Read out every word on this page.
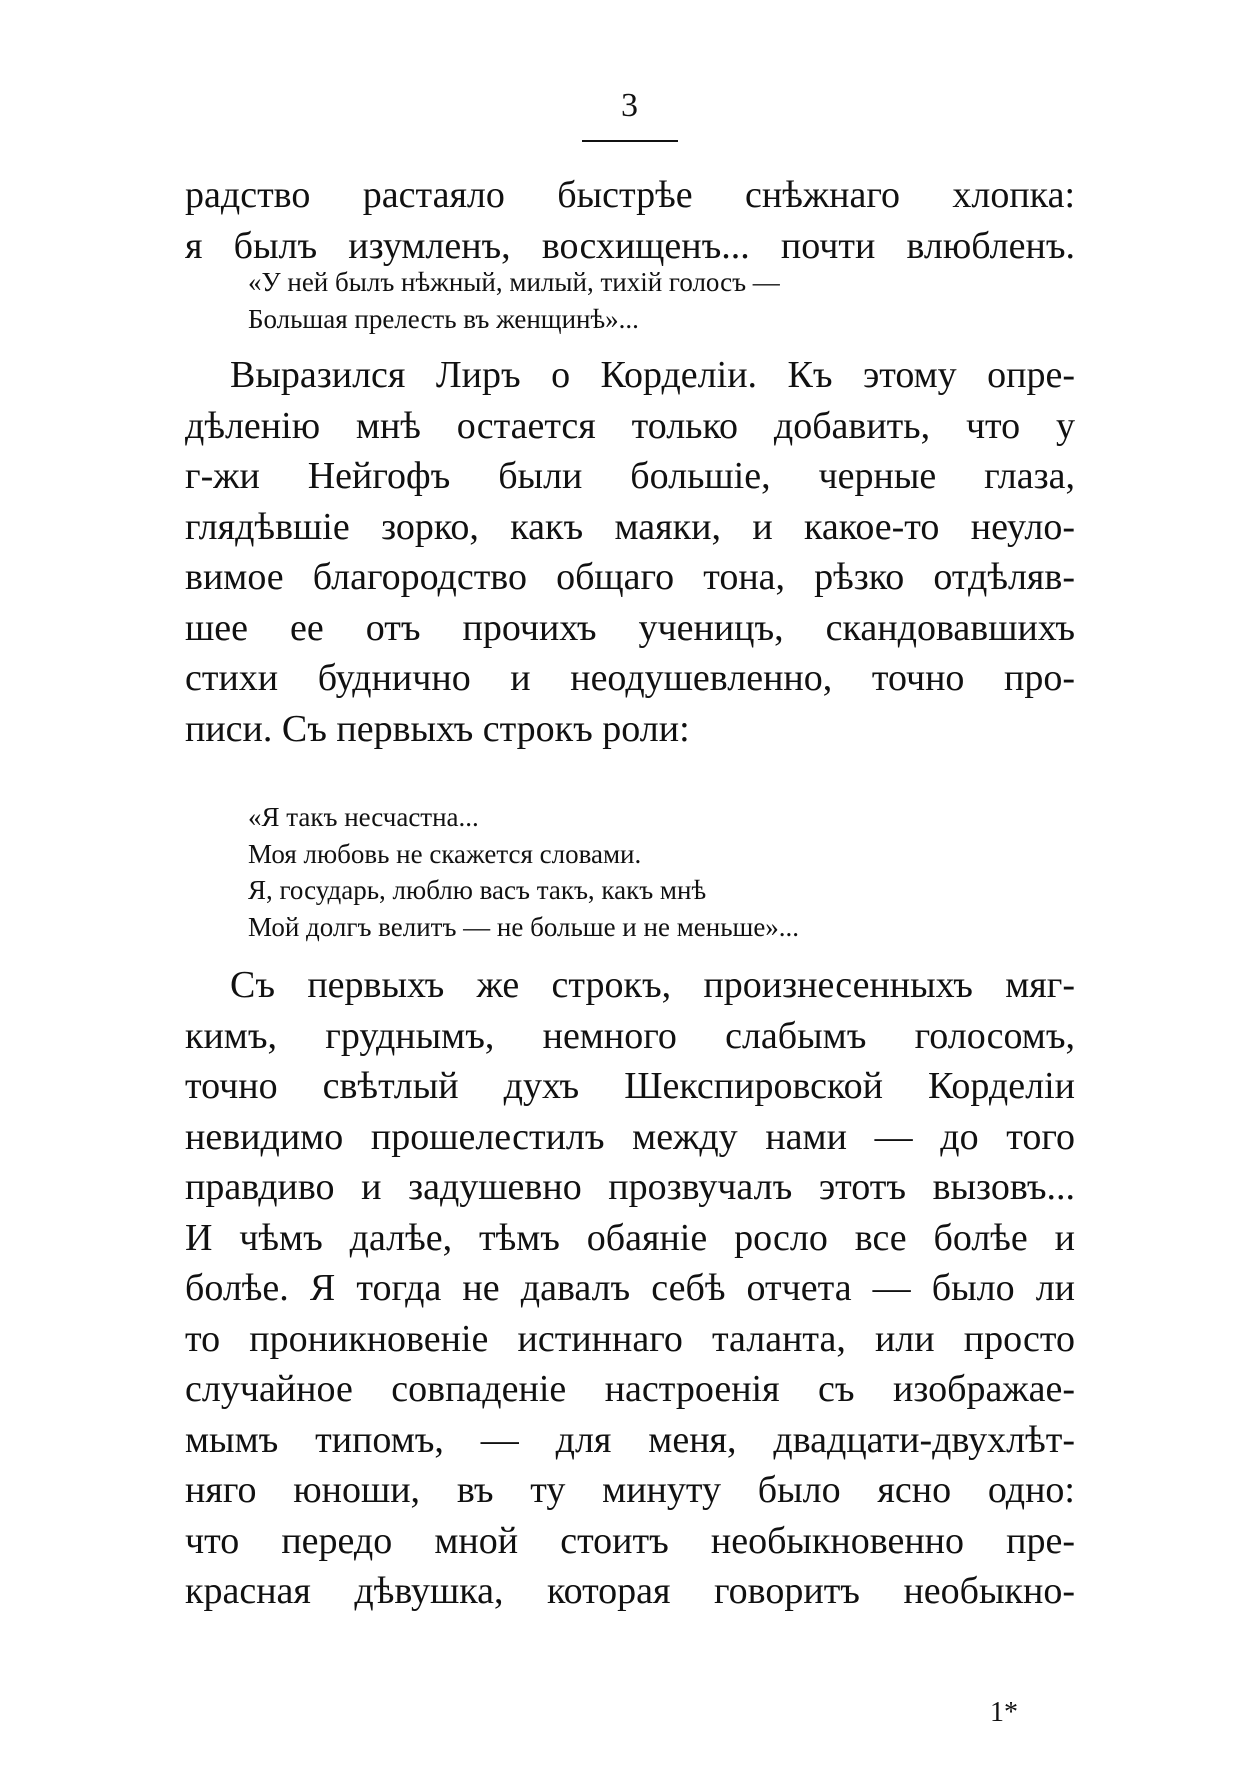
3
радство растаяло быстрѣе снѣжнаго хлопка:
я былъ изумленъ, восхищенъ... почти влюбленъ.
«У ней былъ нѣжный, милый, тихій голосъ —
Большая прелесть въ женщинѣ»...
Выразился Лиръ о Корделіи. Къ этому опре-
дѣленію мнѣ остается только добавить, что у
г-жи Нейгофъ были большіе, черные глаза,
глядѣвшіе зорко, какъ маяки, и какое-то неуло-
вимое благородство общаго тона, рѣзко отдѣляв-
шее ее отъ прочихъ ученицъ, скандовавшихъ
стихи буднично и неодушевленно, точно про-
писи. Съ первыхъ строкъ роли:
«Я такъ несчастна...
Моя любовь не скажется словами.
Я, государь, люблю васъ такъ, какъ мнѣ
Мой долгъ велитъ — не больше и не меньше»...
Съ первыхъ же строкъ, произнесенныхъ мяг-
кимъ, груднымъ, немного слабымъ голосомъ,
точно свѣтлый духъ Шекспировской Корделіи
невидимо прошелестилъ между нами — до того
правдиво и задушевно прозвучалъ этотъ вызовъ...
И чѣмъ далѣе, тѣмъ обаяніе росло все болѣе и
болѣе. Я тогда не давалъ себѣ отчета — было ли
то проникновеніе истиннаго таланта, или просто
случайное совпаденіе настроенія съ изображае-
мымъ типомъ, — для меня, двадцати-двухлѣт-
няго юноши, въ ту минуту было ясно одно:
что передо мной стоитъ необыкновенно пре-
красная дѣвушка, которая говоритъ необыкно-
1*
